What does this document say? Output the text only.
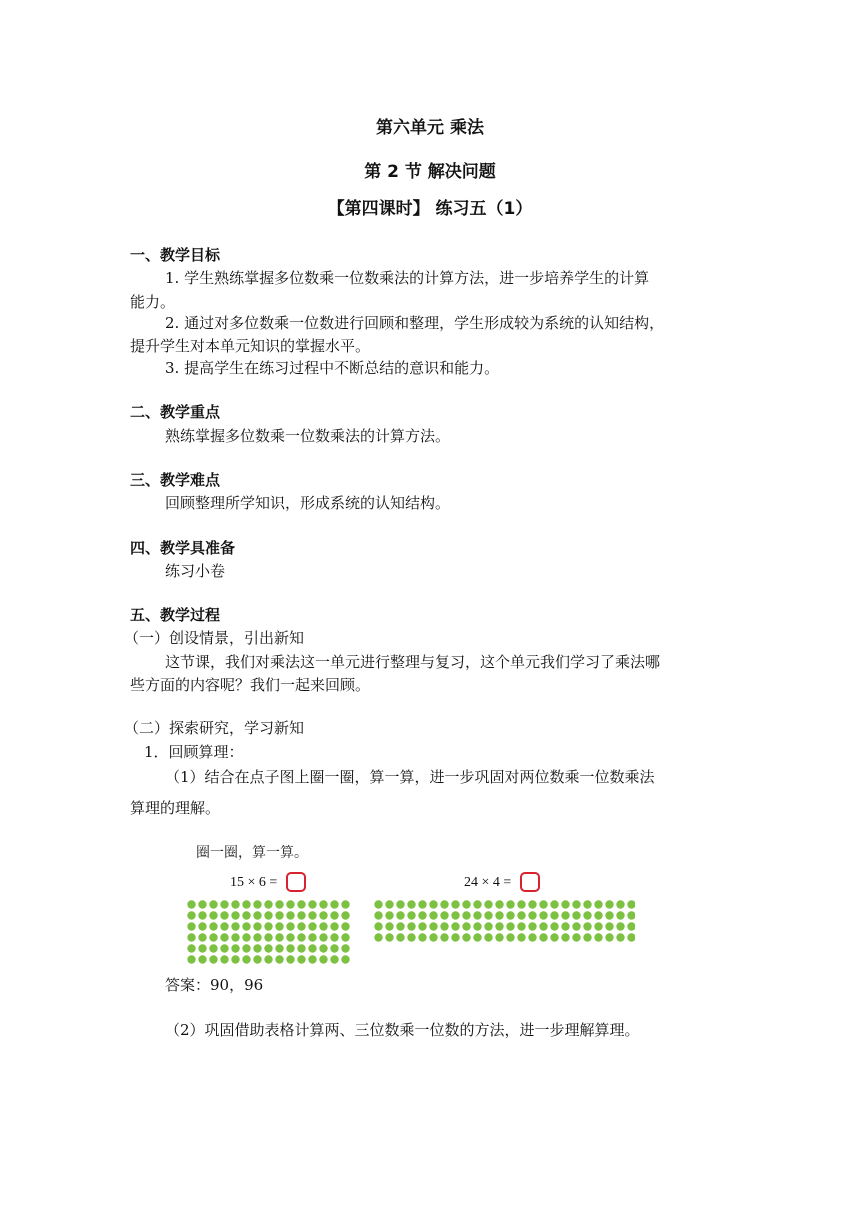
第六单元 乘法
第 2 节 解决问题
【第四课时】 练习五（1）
一、教学目标
1. 学生熟练掌握多位数乘一位数乘法的计算方法，进一步培养学生的计算
能力。
2. 通过对多位数乘一位数进行回顾和整理，学生形成较为系统的认知结构，
提升学生对本单元知识的掌握水平。
3. 提高学生在练习过程中不断总结的意识和能力。
二、教学重点
熟练掌握多位数乘一位数乘法的计算方法。
三、教学难点
回顾整理所学知识，形成系统的认知结构。
四、教学具准备
练习小卷
五、教学过程
（一）创设情景，引出新知
这节课，我们对乘法这一单元进行整理与复习，这个单元我们学习了乘法哪
些方面的内容呢？我们一起来回顾。
（二）探索研究，学习新知
1．回顾算理：
（1）结合在点子图上圈一圈，算一算，进一步巩固对两位数乘一位数乘法
算理的理解。
圈一圈，算一算。
15 × 6 =	24 × 4 =
答案：90，96
（2）巩固借助表格计算两、三位数乘一位数的方法，进一步理解算理。
